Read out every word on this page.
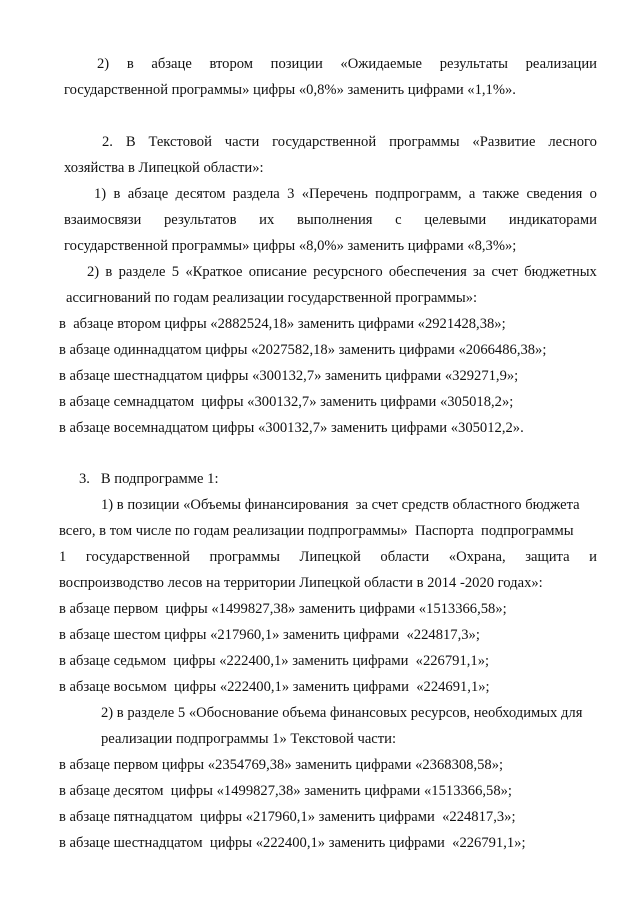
2) в абзаце втором позиции «Ожидаемые результаты реализации
государственной программы» цифры «0,8%» заменить цифрами «1,1%».
2. В Текстовой части государственной программы «Развитие лесного
хозяйства в Липецкой области»:
1) в абзаце десятом раздела 3 «Перечень подпрограмм, а также сведения о
взаимосвязи результатов их выполнения с целевыми индикаторами
государственной программы» цифры «8,0%» заменить цифрами «8,3%»;
2) в разделе 5 «Краткое описание ресурсного обеспечения за счет бюджетных
ассигнований по годам реализации государственной программы»:
в  абзаце втором цифры «2882524,18» заменить цифрами «2921428,38»;
в абзаце одиннадцатом цифры «2027582,18» заменить цифрами «2066486,38»;
в абзаце шестнадцатом цифры «300132,7» заменить цифрами «329271,9»;
в абзаце семнадцатом  цифры «300132,7» заменить цифрами «305018,2»;
в абзаце восемнадцатом цифры «300132,7» заменить цифрами «305012,2».
3.   В подпрограмме 1:
1) в позиции «Объемы финансирования  за счет средств областного бюджета
всего, в том числе по годам реализации подпрограммы»  Паспорта  подпрограммы
1 государственной программы Липецкой области «Охрана, защита и
воспроизводство лесов на территории Липецкой области в 2014 -2020 годах»:
в абзаце первом  цифры «1499827,38» заменить цифрами «1513366,58»;
в абзаце шестом цифры «217960,1» заменить цифрами  «224817,3»;
в абзаце седьмом  цифры «222400,1» заменить цифрами  «226791,1»;
в абзаце восьмом  цифры «222400,1» заменить цифрами  «224691,1»;
2) в разделе 5 «Обоснование объема финансовых ресурсов, необходимых для
реализации подпрограммы 1» Текстовой части:
в абзаце первом цифры «2354769,38» заменить цифрами «2368308,58»;
в абзаце десятом  цифры «1499827,38» заменить цифрами «1513366,58»;
в абзаце пятнадцатом  цифры «217960,1» заменить цифрами  «224817,3»;
в абзаце шестнадцатом  цифры «222400,1» заменить цифрами  «226791,1»;
